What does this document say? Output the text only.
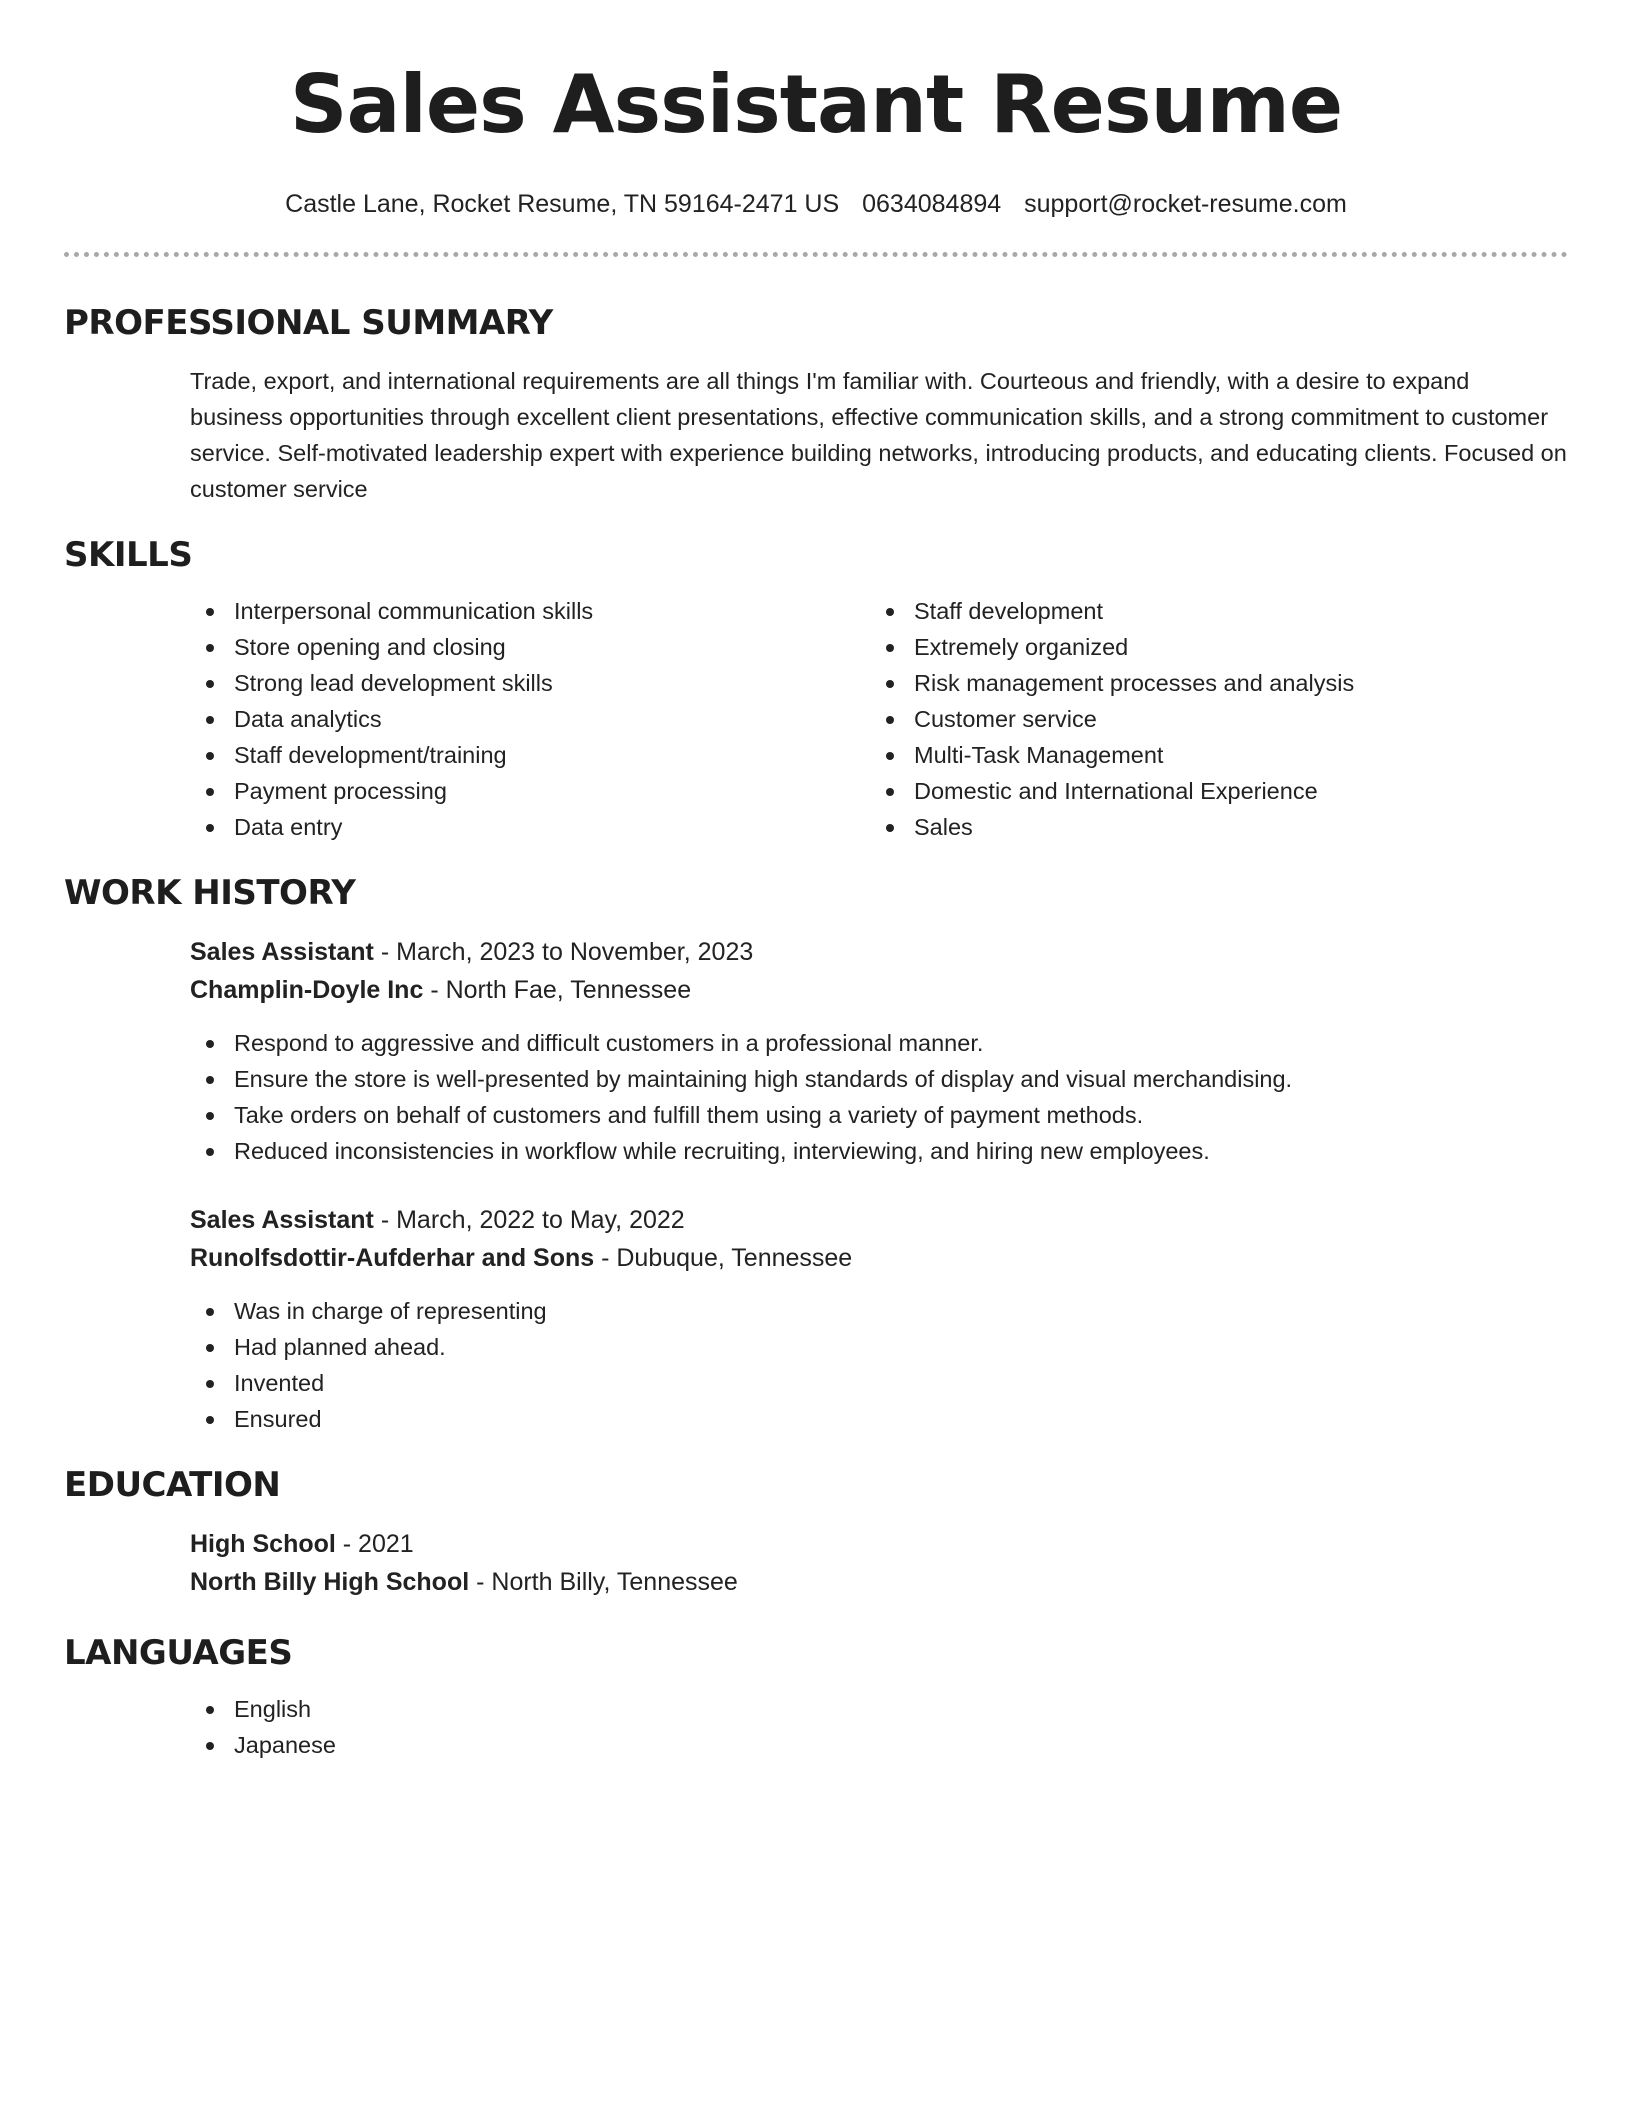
Sales Assistant Resume
Castle Lane, Rocket Resume, TN 59164-2471 US 0634084894 support@rocket-resume.com
PROFESSIONAL SUMMARY
Trade, export, and international requirements are all things I'm familiar with. Courteous and friendly, with a desire to expand business opportunities through excellent client presentations, effective communication skills, and a strong commitment to customer service. Self-motivated leadership expert with experience building networks, introducing products, and educating clients. Focused on customer service
SKILLS
Interpersonal communication skills
Store opening and closing
Strong lead development skills
Data analytics
Staff development/training
Payment processing
Data entry
Staff development
Extremely organized
Risk management processes and analysis
Customer service
Multi-Task Management
Domestic and International Experience
Sales
WORK HISTORY
Sales Assistant - March, 2023 to November, 2023
Champlin-Doyle Inc - North Fae, Tennessee
Respond to aggressive and difficult customers in a professional manner.
Ensure the store is well-presented by maintaining high standards of display and visual merchandising.
Take orders on behalf of customers and fulfill them using a variety of payment methods.
Reduced inconsistencies in workflow while recruiting, interviewing, and hiring new employees.
Sales Assistant - March, 2022 to May, 2022
Runolfsdottir-Aufderhar and Sons - Dubuque, Tennessee
Was in charge of representing
Had planned ahead.
Invented
Ensured
EDUCATION
High School - 2021
North Billy High School - North Billy, Tennessee
LANGUAGES
English
Japanese
